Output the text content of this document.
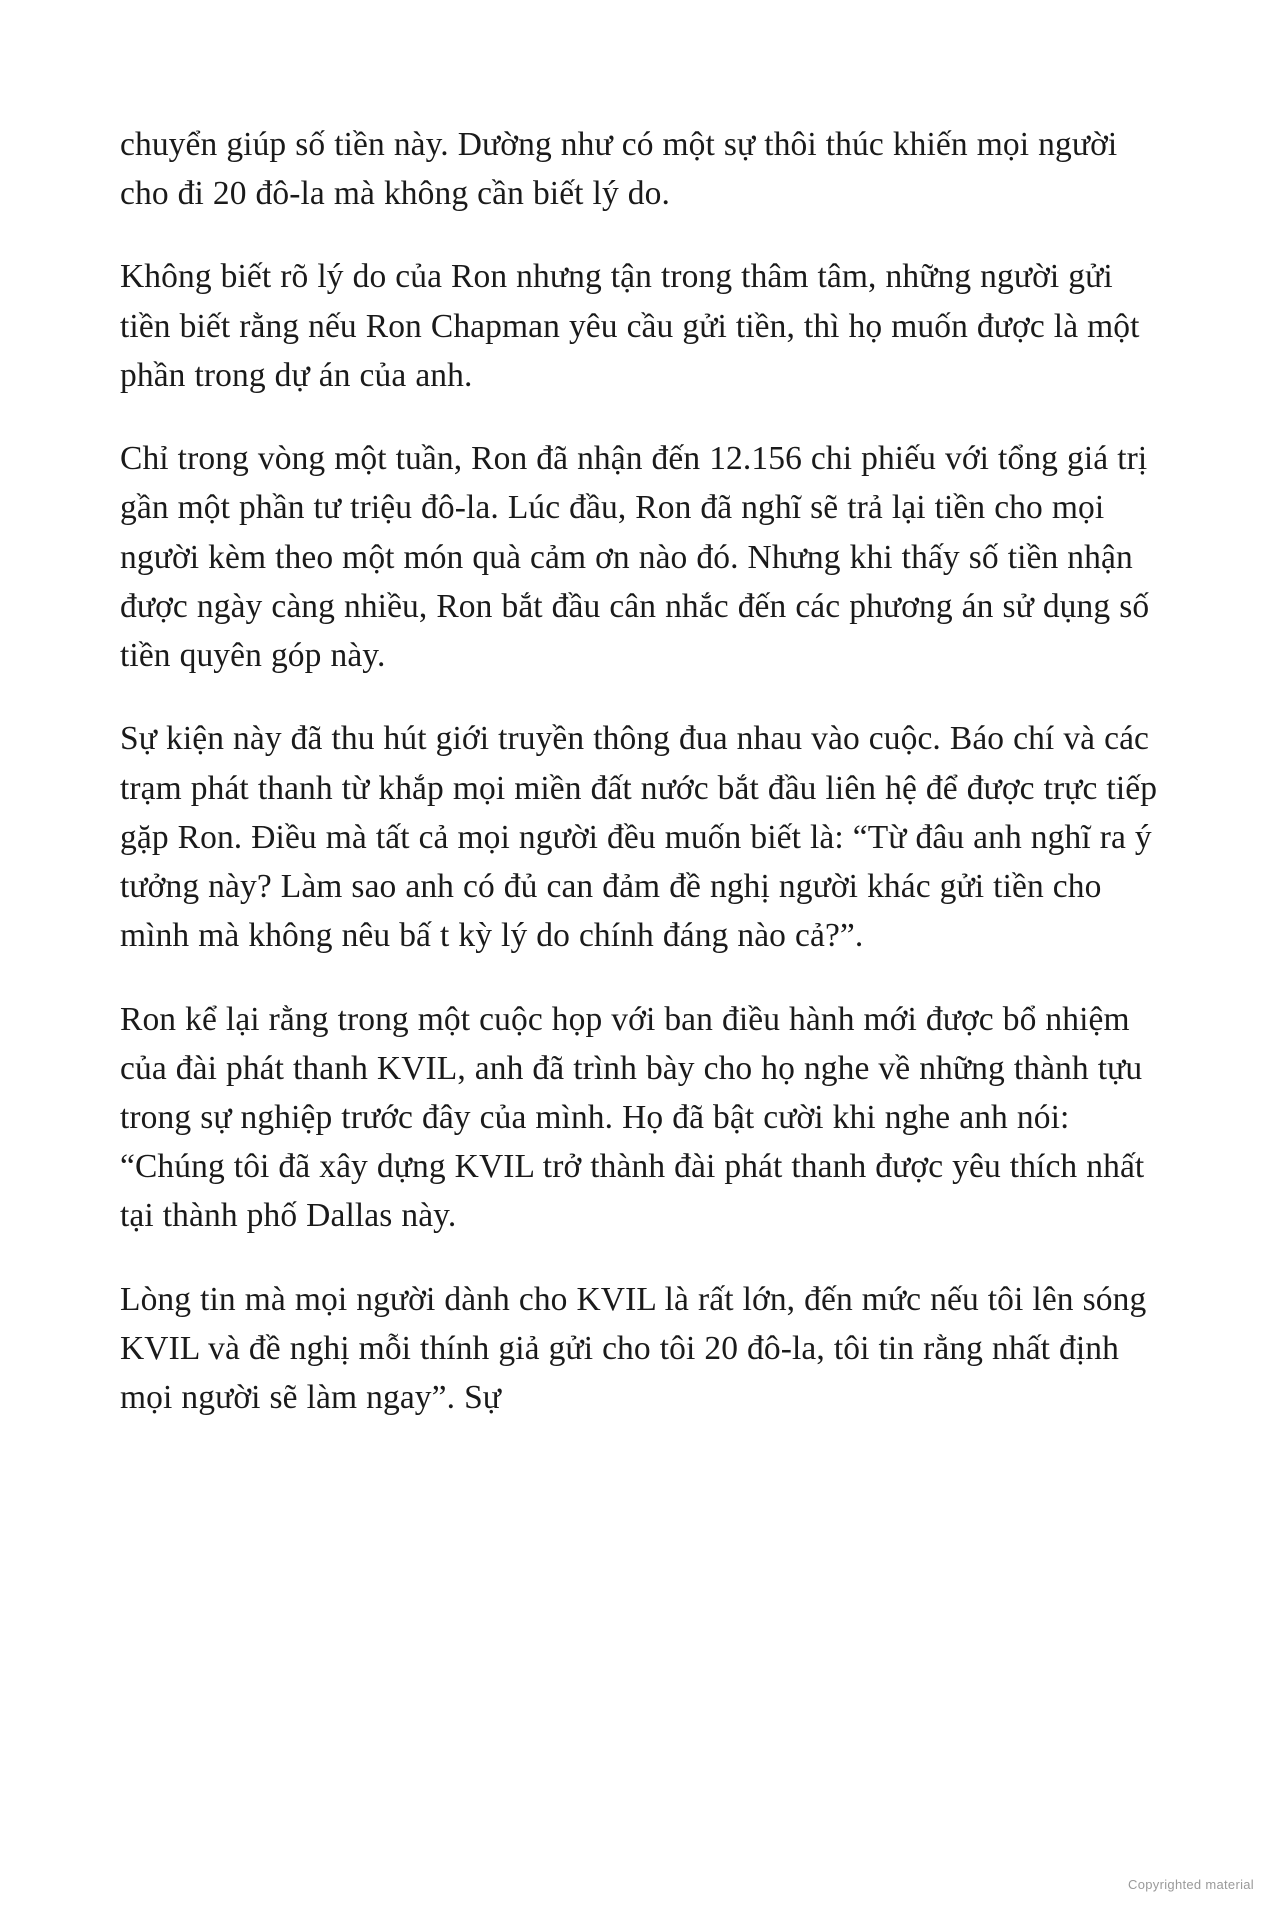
chuyển giúp số tiền này. Dường như có một sự thôi thúc khiến mọi người cho đi 20 đô-la mà không cần biết lý do.

Không biết rõ lý do của Ron nhưng tận trong thâm tâm, những người gửi tiền biết rằng nếu Ron Chapman yêu cầu gửi tiền, thì họ muốn được là một phần trong dự án của anh.

Chỉ trong vòng một tuần, Ron đã nhận đến 12.156 chi phiếu với tổng giá trị gần một phần tư triệu đô-la. Lúc đầu, Ron đã nghĩ sẽ trả lại tiền cho mọi người kèm theo một món quà cảm ơn nào đó. Nhưng khi thấy số tiền nhận được ngày càng nhiều, Ron bắt đầu cân nhắc đến các phương án sử dụng số tiền quyên góp này.

Sự kiện này đã thu hút giới truyền thông đua nhau vào cuộc. Báo chí và các trạm phát thanh từ khắp mọi miền đất nước bắt đầu liên hệ để được trực tiếp gặp Ron. Điều mà tất cả mọi người đều muốn biết là: “Từ đâu anh nghĩ ra ý tưởng này? Làm sao anh có đủ can đảm đề nghị người khác gửi tiền cho mình mà không nêu bấ t kỳ lý do chính đáng nào cả?”.

Ron kể lại rằng trong một cuộc họp với ban điều hành mới được bổ nhiệm của đài phát thanh KVIL, anh đã trình bày cho họ nghe về những thành tựu trong sự nghiệp trước đây của mình. Họ đã bật cười khi nghe anh nói: “Chúng tôi đã xây dựng KVIL trở thành đài phát thanh được yêu thích nhất tại thành phố Dallas này.

Lòng tin mà mọi người dành cho KVIL là rất lớn, đến mức nếu tôi lên sóng KVIL và đề nghị mỗi thính giả gửi cho tôi 20 đô-la, tôi tin rằng nhất định mọi người sẽ làm ngay”. Sự

Copyrighted material
